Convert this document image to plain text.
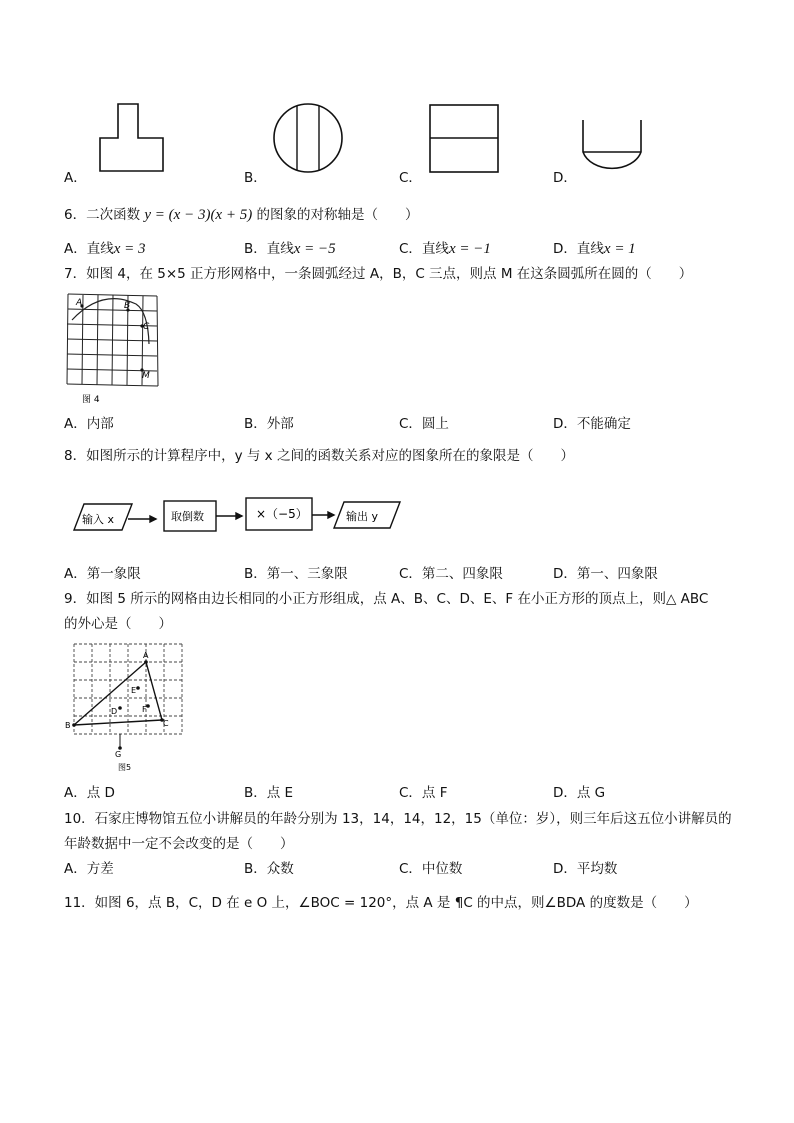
A．	B．	C．	D．
6．二次函数 y = (x − 3)(x + 5) 的图象的对称轴是（　　）
A．直线x = 3	B．直线x = −5	C．直线x = −1	D．直线x = 1
7．如图 4，在 5×5 正方形网格中，一条圆弧经过 A，B，C 三点，则点 M 在这条圆弧所在圆的（　　）
A	B
C
M
图 4
A．内部	B．外部	C．圆上	D．不能确定
8．如图所示的计算程序中，y 与 x 之间的函数关系对应的图象所在的象限是（　　）
输入 x	取倒数	×（−5）	输出 y
A．第一象限	B．第一、三象限	C．第二、四象限	D．第一、四象限
9．如图 5 所示的网格由边长相同的小正方形组成，点 A、B、C、D、E、F 在小正方形的顶点上，则△ ABC
的外心是（　　）
A
B	C
D
E
F
G
图5
A．点 D	B．点 E	C．点 F	D．点 G
10．石家庄博物馆五位小讲解员的年龄分别为 13，14，14，12，15（单位：岁），则三年后这五位小讲解员的
年龄数据中一定不会改变的是（　　）
A．方差	B．众数	C．中位数	D．平均数
11．如图 6，点 B，C，D 在 e O 上，∠BOC = 120°，点 A 是 ¶C 的中点，则∠BDA 的度数是（　　）
